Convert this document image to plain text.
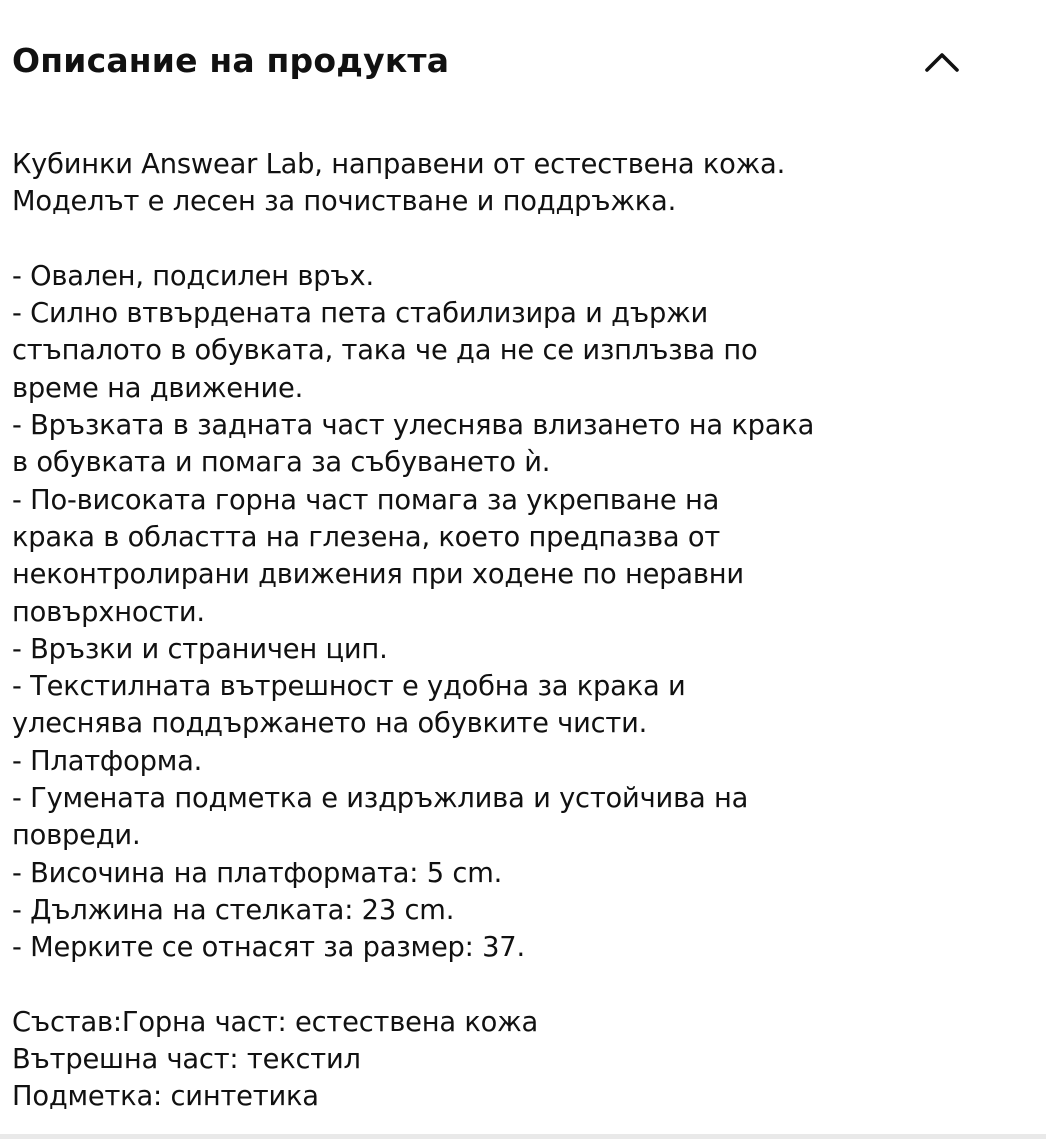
Описание на продукта
Кубинки Answear Lab, направени от естествена кожа.
Моделът е лесен за почистване и поддръжка.
- Овален, подсилен връх.
- Силно втвърдената пета стабилизира и държи
стъпалото в обувката, така че да не се изплъзва по
време на движение.
- Връзката в задната част улеснява влизането на крака
в обувката и помага за събуването ѝ.
- По-високата горна част помага за укрепване на
крака в областта на глезена, което предпазва от
неконтролирани движения при ходене по неравни
повърхности.
- Връзки и страничен цип.
- Текстилната вътрешност е удобна за крака и
улеснява поддържането на обувките чисти.
- Платформа.
- Гумената подметка е издръжлива и устойчива на
повреди.
- Височина на платформата: 5 cm.
- Дължина на стелката: 23 cm.
- Мерките се отнасят за размер: 37.
Състав:Горна част: естествена кожа
Вътрешна част: текстил
Подметка: синтетика
